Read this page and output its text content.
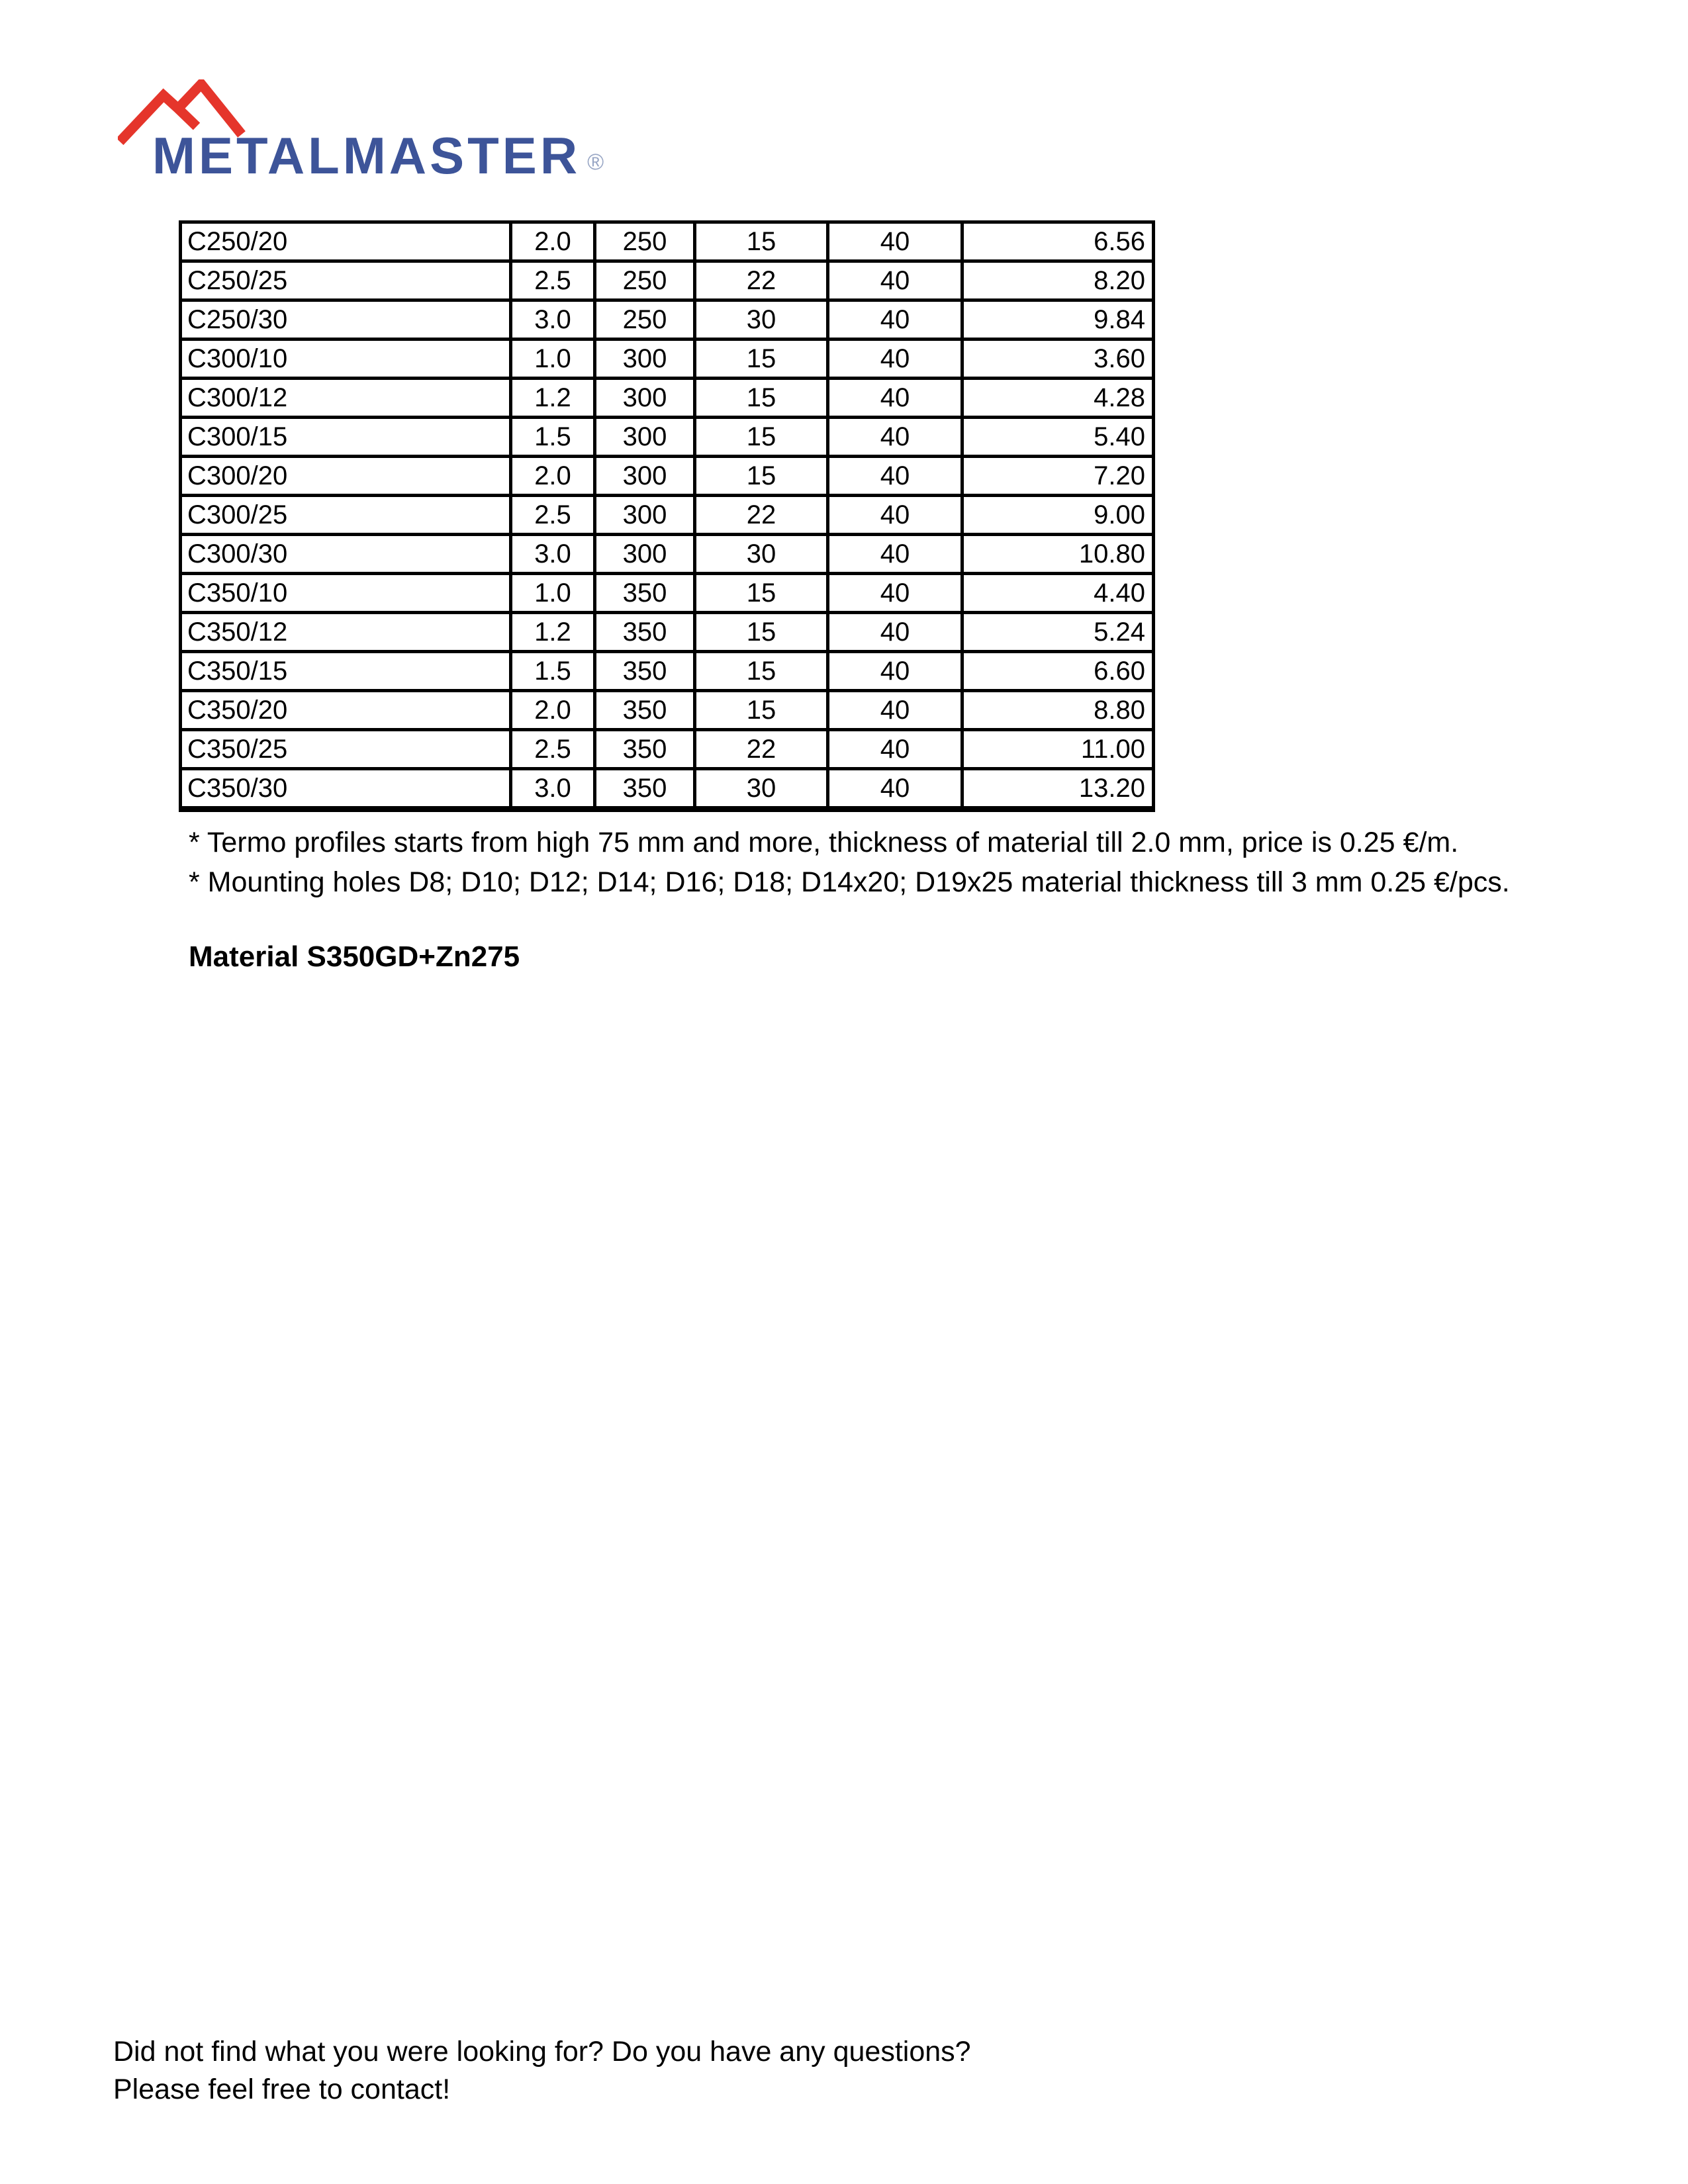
METALMASTER ®
C250/20	2.0	250	15	40	6.56
C250/25	2.5	250	22	40	8.20
C250/30	3.0	250	30	40	9.84
C300/10	1.0	300	15	40	3.60
C300/12	1.2	300	15	40	4.28
C300/15	1.5	300	15	40	5.40
C300/20	2.0	300	15	40	7.20
C300/25	2.5	300	22	40	9.00
C300/30	3.0	300	30	40	10.80
C350/10	1.0	350	15	40	4.40
C350/12	1.2	350	15	40	5.24
C350/15	1.5	350	15	40	6.60
C350/20	2.0	350	15	40	8.80
C350/25	2.5	350	22	40	11.00
C350/30	3.0	350	30	40	13.20

* Termo profiles starts from high 75 mm and more, thickness of material till 2.0 mm, price is 0.25 €/m.

* Mounting holes D8; D10; D12; D14; D16; D18; D14x20; D19x25 material thickness till 3 mm 0.25 €/pcs.

Material S350GD+Zn275

Did not find what you were looking for? Do you have any questions?

Please feel free to contact!
